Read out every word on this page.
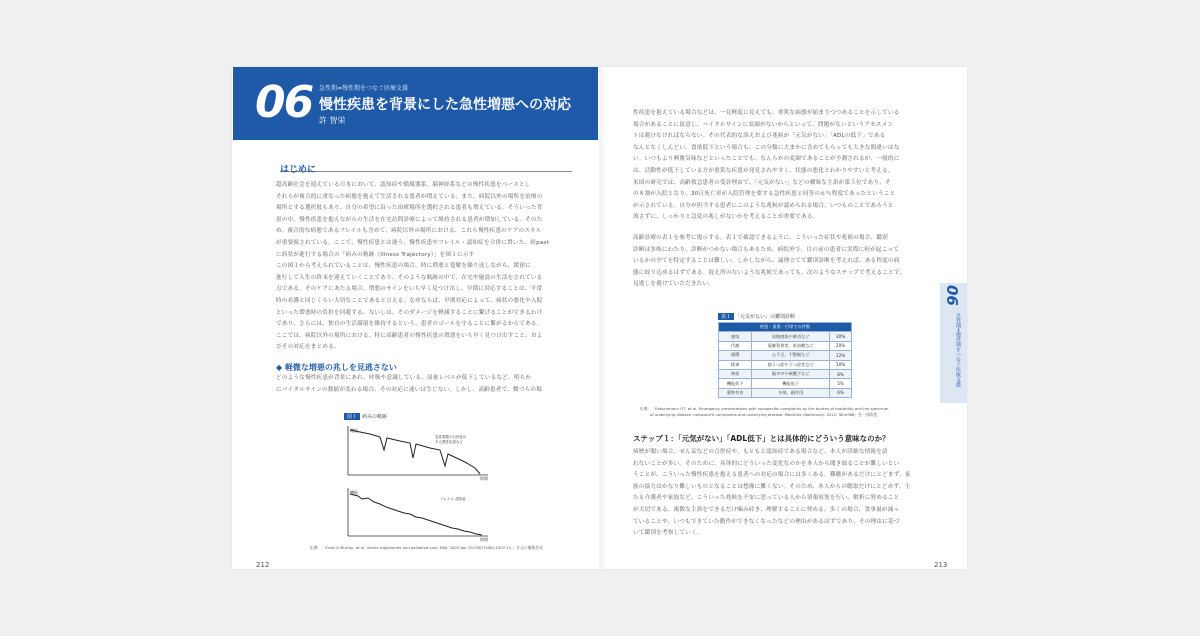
06 急性期⇔慢性期をつなぐ医療支援
慢性疾患を背景にした急性増悪への対応
許 智栄
はじめに

超高齢社会を迎えている日本において、認知症や循環器系、脳神経系などの慢性疾患をベースとし

それらが複合的に重なった病態を抱えて生活される患者が増えている。また、病院以外の場所を治療の

場所とする選択肢もあり、自分の希望に沿った治療場所を選択される患者も増えている。そういった背

景の中、慢性疾患を抱えながらの生活を在宅訪問診療によって維持される患者が増加している。そのた

め、複合的な病態であるフレイルも含めて、病院以外の場所における、これら慢性疾患のケアのスキル

が重要視されている。ここで、慢性疾患とは違う、慢性疾患やフレイル・認知症を合併に置いた、経past

に病状が進行する場合の「病みの軌跡（Illness Trajectory）」を図１に示す

この図１から考えられていることは、慢性疾患の場合、時に増悪と寛解を繰り返しながら、緩徐に

進行して人生の終末を迎えていくことであり、そのような軌跡の中で、在宅や施設の生活をされている

点である。そのケアにあたる場合、増悪のサインをいち早く見つけ出し、早期に対応することは、平常

時の看護と同じくらい大切なことであると言える。なぜならば、早期対応によって、病状の悪化や入院

といった増悪時の負担を回避する、ないしは、そのダメージを軽減することに繋げることができるわけ

であり、さらには、独自の生活環境を維持するという、患者のゴールを守ることに繋がるからである。

ここでは、病院以外の場所における、特に高齢患者の慢性疾患の増悪をいち早く見つけ出すこと、およ

びその対応をまとめる。

◆ 軽微な増悪の兆しを見逃さない

どのような慢性疾患が背景にあれ、呼吸や意識している、尿量レベルが低下しているなど、明らか

にバイタルサインの数値が変わる場合、その対応に迷いは生じない。しかし、高齢患者で、微づらの場

図１ 病みの軌跡
機能
急性増悪や合併症の
ある慢性疾患など
時間
機能
フレイル･認知症
時間
出典：「Scott A Murray, et al. Illness trajectories and palliative care. BMJ. 2005 Apr 30;330(7498):1007-11.」を元に編集作成
212

性疾患を抱えている場合などは、一見軽度に見えても、重篤な病態が始まりつつあることを示している

場合があることに留意し、バイタルサインに変調がないからといって、問題がないというアセスメン

トは避けなければならない。その代表的な訴えおよび兆候が「元気がない」「ADLの低下」である

なんとなくしんどい、食欲低下という場合も、この分類に大まかに含めてもらっても大きな間違いはな

い。いつもより興奮気味などといったことでも、なんらかの変調であることが予測されるが、一般的に

は、活動性が低下している方が重篤な疾患が発見されやすく、状態の悪化とわかりやすいと考える。

米国の研究では、高齢救急患者の受診理由で、「元気がない」などの曖昧な主訴が第５位であり、そ

の８割が入院となり、30日死亡率が入院管理を要する急性疾患と同等の６％程度であったということ

が示されている。自分が担当する患者にこのような兆候が認められる場合、いつものことであろうと

流さずに、しっかりと急変の兆しがないかを考えることが重要である。

高齢診療の表１を参考に提示する。表１で確認できるように、こういった症状や兆候の場合、鑑別

診断は多岐にわたり、診断がつかない場合もあるため、病院外で、目の前の患者に実際に何が起こって

いるかの全てを特定することは難しい。しかしながら、論理立てて鑑別診断を考えれば、ある程度の病

態に絞り込めるはずである。捉え所のないような兆候であっても、次のようなステップで考えることで、

見逃しを避けていただきたい。

表１ 「元気がない」の鑑別診断
疾患・重篤・付帯での件数		
感染	尿路感染や肺炎など	30%
代謝	電解質異常、低血糖など	20%
循環	心不全、不整脈など	12%
精神	抑うつ症やうつ症状など	10%
神経	脳卒中や硬膜下など	8%
機能低下	機能低下	5%
薬物有害	多剤、副作用	6%
出典：「Rutschmann OT, et al. Emergency presentations with nonspecific complaints by the burden of morbidity and the spectrum
of underlying disease: nonspecific complaints and underlying disease. Medicine (Baltimore). 2012; 98:e968」を一部改変
ステップ１：「元気がない」「ADL低下」とは具体的にどういう意味なのか？

病歴が聞い場合、せん妄などの合併症や、もともと認知症である場合など、本人が詳細な情報を語

れないことが多い。そのために、具体的にどういった変化なのかを本人から聞き取ることが難しいとい

うことが、こういった慢性疾患を抱える患者への対応の場合には多くある。難聴があるだけにとどまず、家

族の協力はかなり難しいものとなることは想像に難くない。そのため、本人からの聴取だけにとどめず、主

たる介護者や家族など、こういった兆候を不安に思っている人から情報収集を行い、解析に努めること

が大切である。複数な主訴をできるだけ噛み砕き、理解することに努める。多くの場合、食事量が減っ

ていることや、いつもできていた動作ができなくなったなどの理由があるはずであり、その理由に基づ

いて鑑別を考察していく。

06
急性期⇔慢性期をつなぐ医療支援
213
